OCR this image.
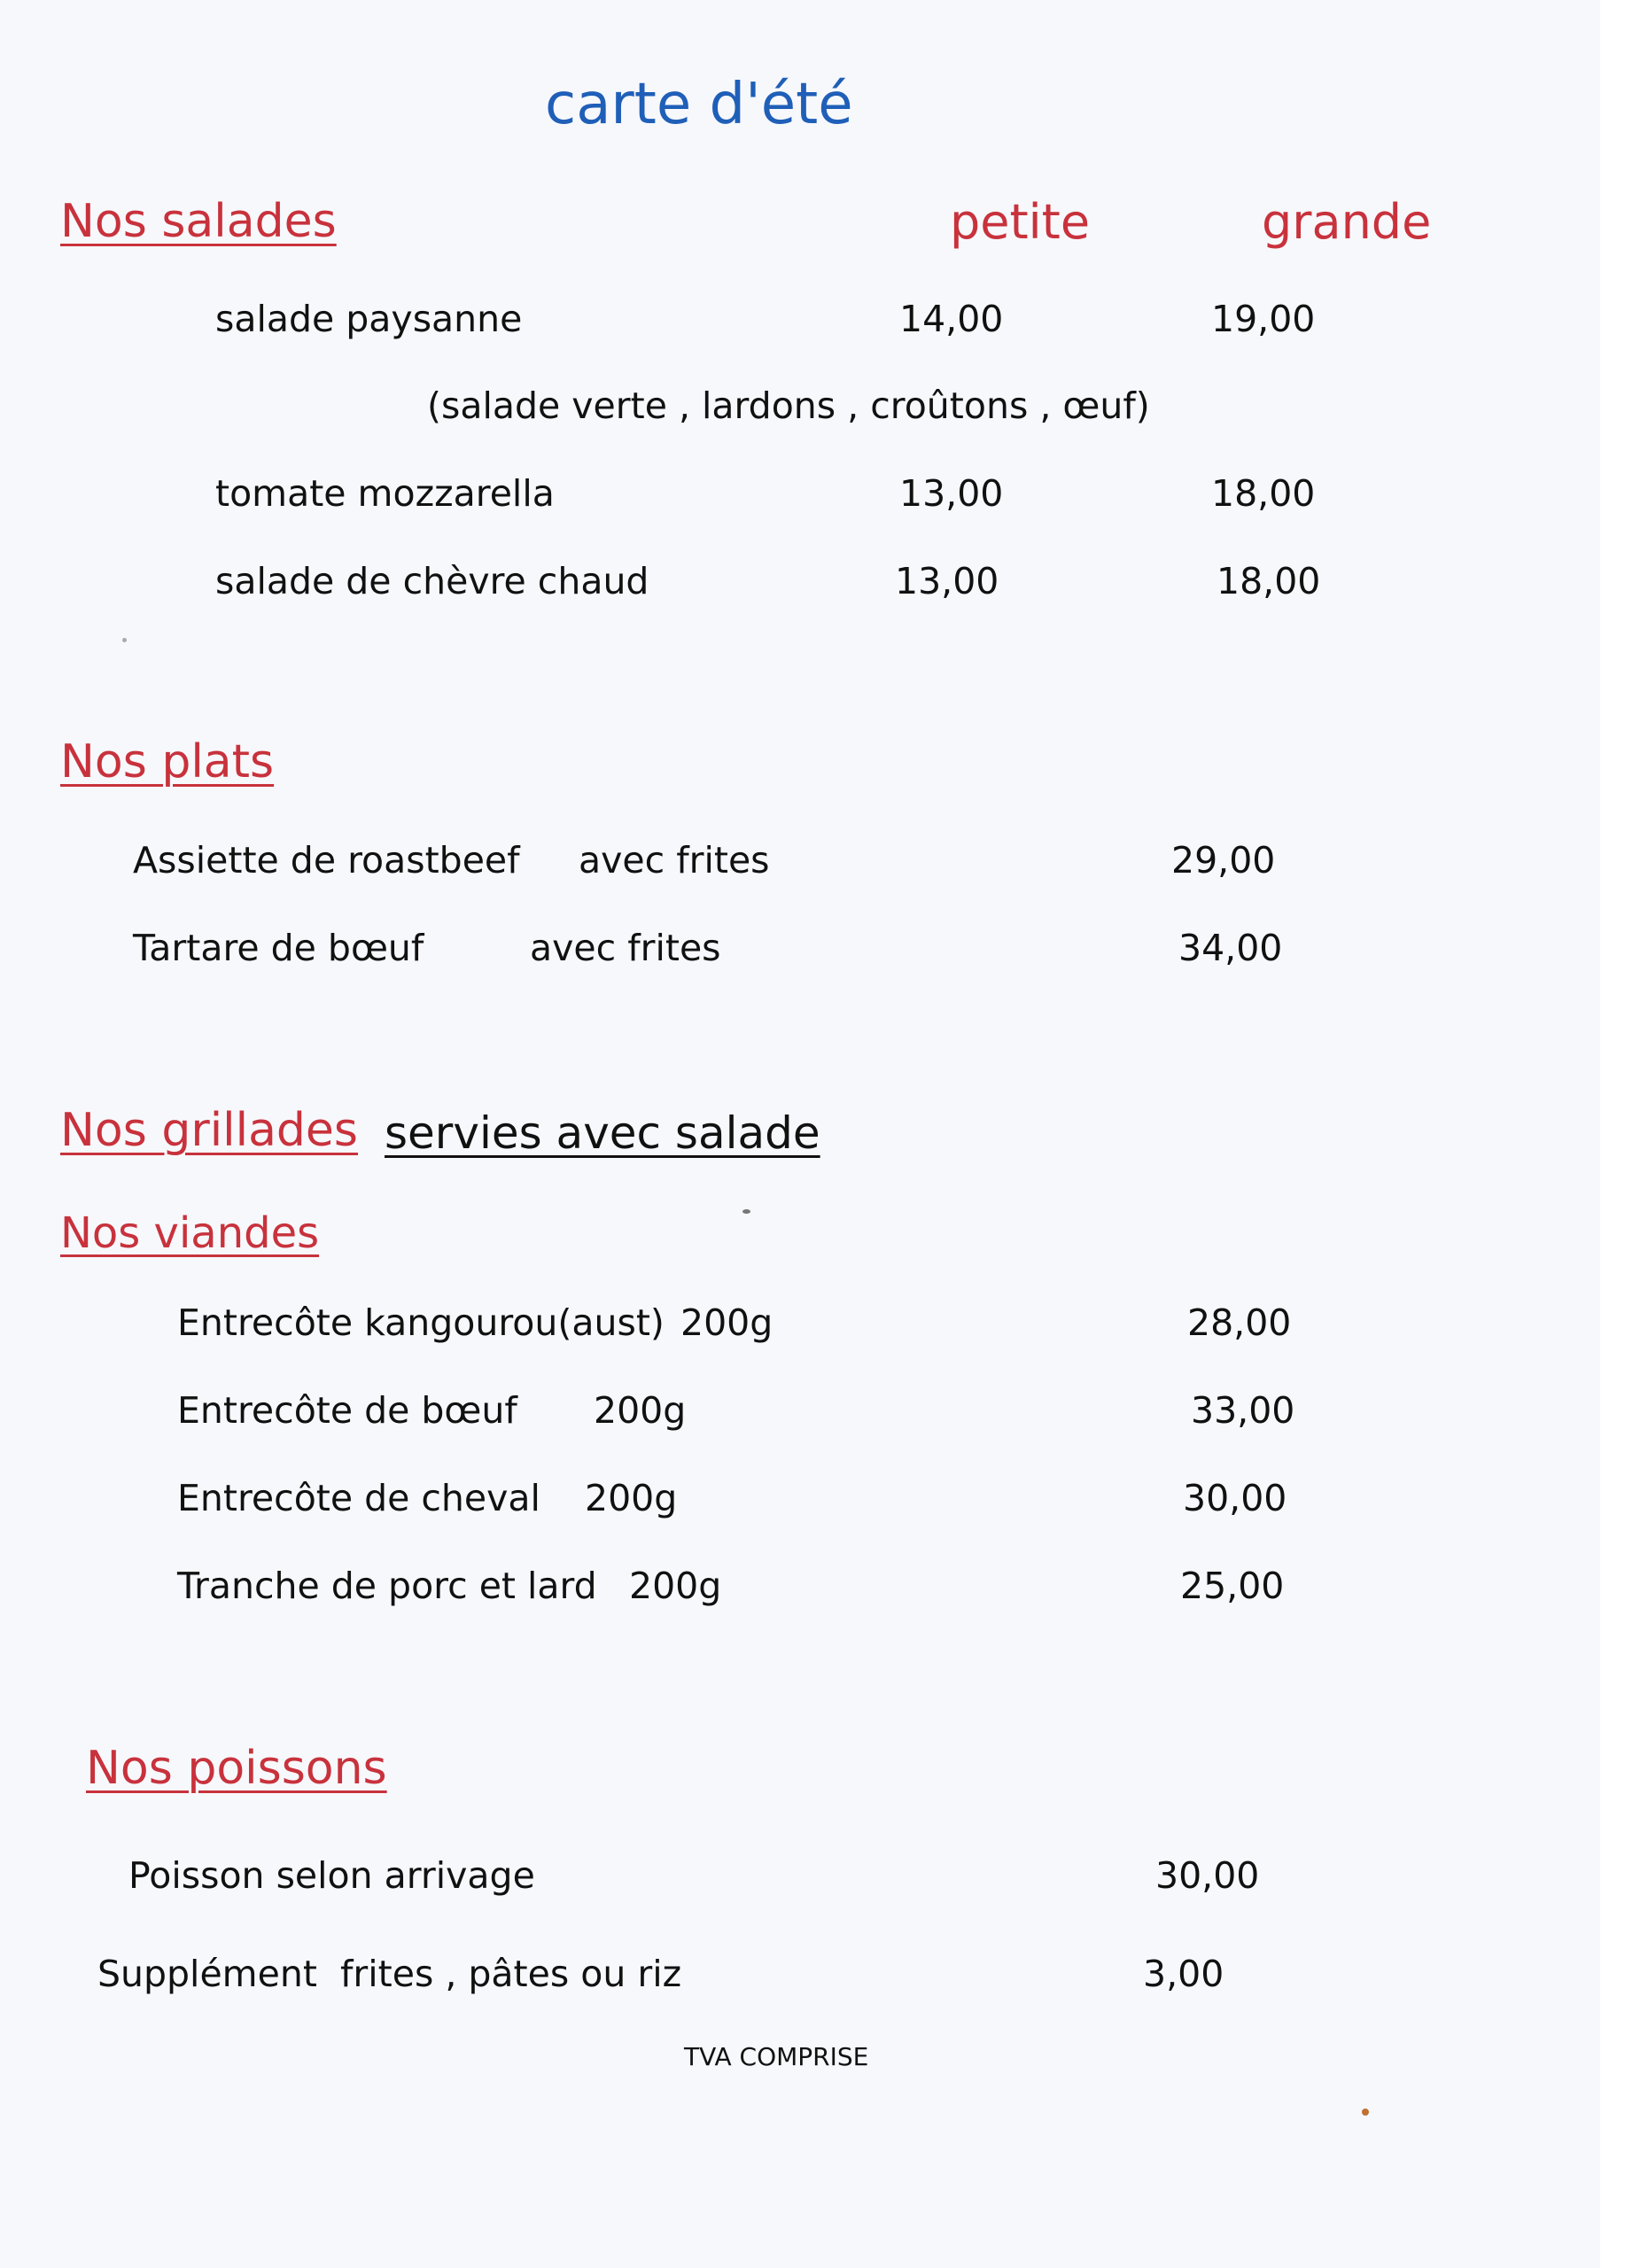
carte d'été
Nos salades	petite	grande
salade paysanne	14,00	19,00
(salade verte , lardons , croûtons , œuf)
tomate mozzarella	13,00	18,00
salade de chèvre chaud	13,00	18,00
Nos plats
Assiette de roastbeef avec frites	29,00
Tartare de bœuf	avec frites	34,00
Nos grillades servies avec salade
Nos viandes
Entrecôte kangourou(aust) 200g	28,00
Entrecôte de bœuf 200g	33,00
Entrecôte de cheval 200g	30,00
Tranche de porc et lard 200g	25,00
Nos poissons
Poisson selon arrivage	30,00
Supplément  frites , pâtes ou riz	3,00
TVA COMPRISE
